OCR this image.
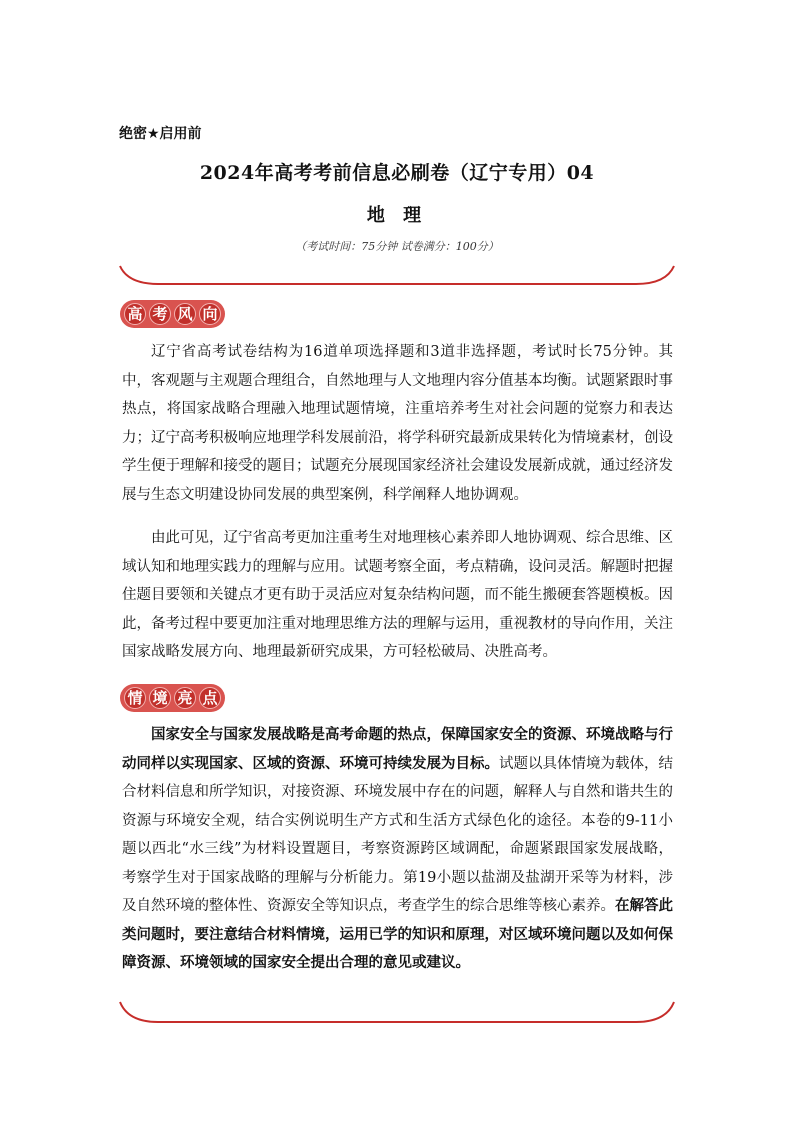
绝密★启用前
2024年高考考前信息必刷卷（辽宁专用）04
地 理
（考试时间：75分钟 试卷满分：100分）
高 考 风 向

辽宁省高考试卷结构为16道单项选择题和3道非选择题，考试时长75分钟。其中，客观题与主观题合理组合，自然地理与人文地理内容分值基本均衡。试题紧跟时事热点，将国家战略合理融入地理试题情境，注重培养考生对社会问题的觉察力和表达力；辽宁高考积极响应地理学科发展前沿，将学科研究最新成果转化为情境素材，创设学生便于理解和接受的题目；试题充分展现国家经济社会建设发展新成就，通过经济发展与生态文明建设协同发展的典型案例，科学阐释人地协调观。

由此可见，辽宁省高考更加注重考生对地理核心素养即人地协调观、综合思维、区域认知和地理实践力的理解与应用。试题考察全面，考点精确，设问灵活。解题时把握住题目要领和关键点才更有助于灵活应对复杂结构问题，而不能生搬硬套答题模板。因此，备考过程中要更加注重对地理思维方法的理解与运用，重视教材的导向作用，关注国家战略发展方向、地理最新研究成果，方可轻松破局、决胜高考。

情 境 亮 点

国家安全与国家发展战略是高考命题的热点，保障国家安全的资源、环境战略与行动同样以实现国家、区域的资源、环境可持续发展为目标。试题以具体情境为载体，结合材料信息和所学知识，对接资源、环境发展中存在的问题，解释人与自然和谐共生的资源与环境安全观，结合实例说明生产方式和生活方式绿色化的途径。本卷的9-11小题以西北“水三线”为材料设置题目，考察资源跨区域调配，命题紧跟国家发展战略，考察学生对于国家战略的理解与分析能力。第19小题以盐湖及盐湖开采等为材料，涉及自然环境的整体性、资源安全等知识点，考查学生的综合思维等核心素养。在解答此类问题时，要注意结合材料情境，运用已学的知识和原理，对区域环境问题以及如何保障资源、环境领域的国家安全提出合理的意见或建议。
